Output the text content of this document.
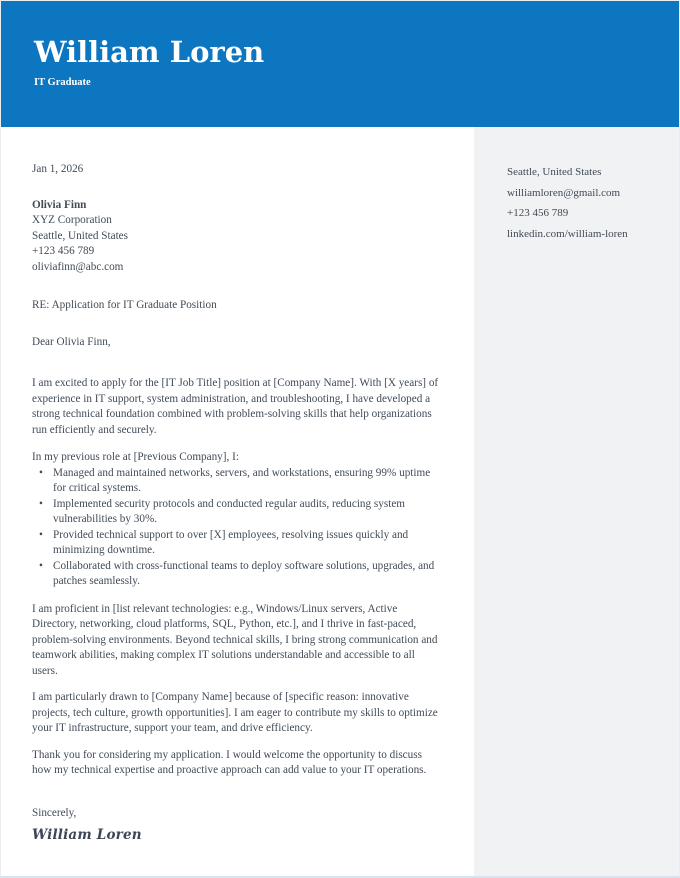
William Loren
IT Graduate
Jan 1, 2026
Olivia Finn
XYZ Corporation
Seattle, United States
+123 456 789
oliviafinn@abc.com
RE: Application for IT Graduate Position
Dear Olivia Finn,

I am excited to apply for the [IT Job Title] position at [Company Name]. With [X years] of experience in IT support, system administration, and troubleshooting, I have developed a strong technical foundation combined with problem-solving skills that help organizations run efficiently and securely.

In my previous role at [Previous Company], I:
• Managed and maintained networks, servers, and workstations, ensuring 99% uptime for critical systems.
• Implemented security protocols and conducted regular audits, reducing system vulnerabilities by 30%.
• Provided technical support to over [X] employees, resolving issues quickly and minimizing downtime.
• Collaborated with cross-functional teams to deploy software solutions, upgrades, and patches seamlessly.

I am proficient in [list relevant technologies: e.g., Windows/Linux servers, Active Directory, networking, cloud platforms, SQL, Python, etc.], and I thrive in fast-paced, problem-solving environments. Beyond technical skills, I bring strong communication and teamwork abilities, making complex IT solutions understandable and accessible to all users.

I am particularly drawn to [Company Name] because of [specific reason: innovative projects, tech culture, growth opportunities]. I am eager to contribute my skills to optimize your IT infrastructure, support your team, and drive efficiency.

Thank you for considering my application. I would welcome the opportunity to discuss how my technical expertise and proactive approach can add value to your IT operations.

Sincerely,
William Loren
Seattle, United States
williamloren@gmail.com
+123 456 789
linkedin.com/william-loren
